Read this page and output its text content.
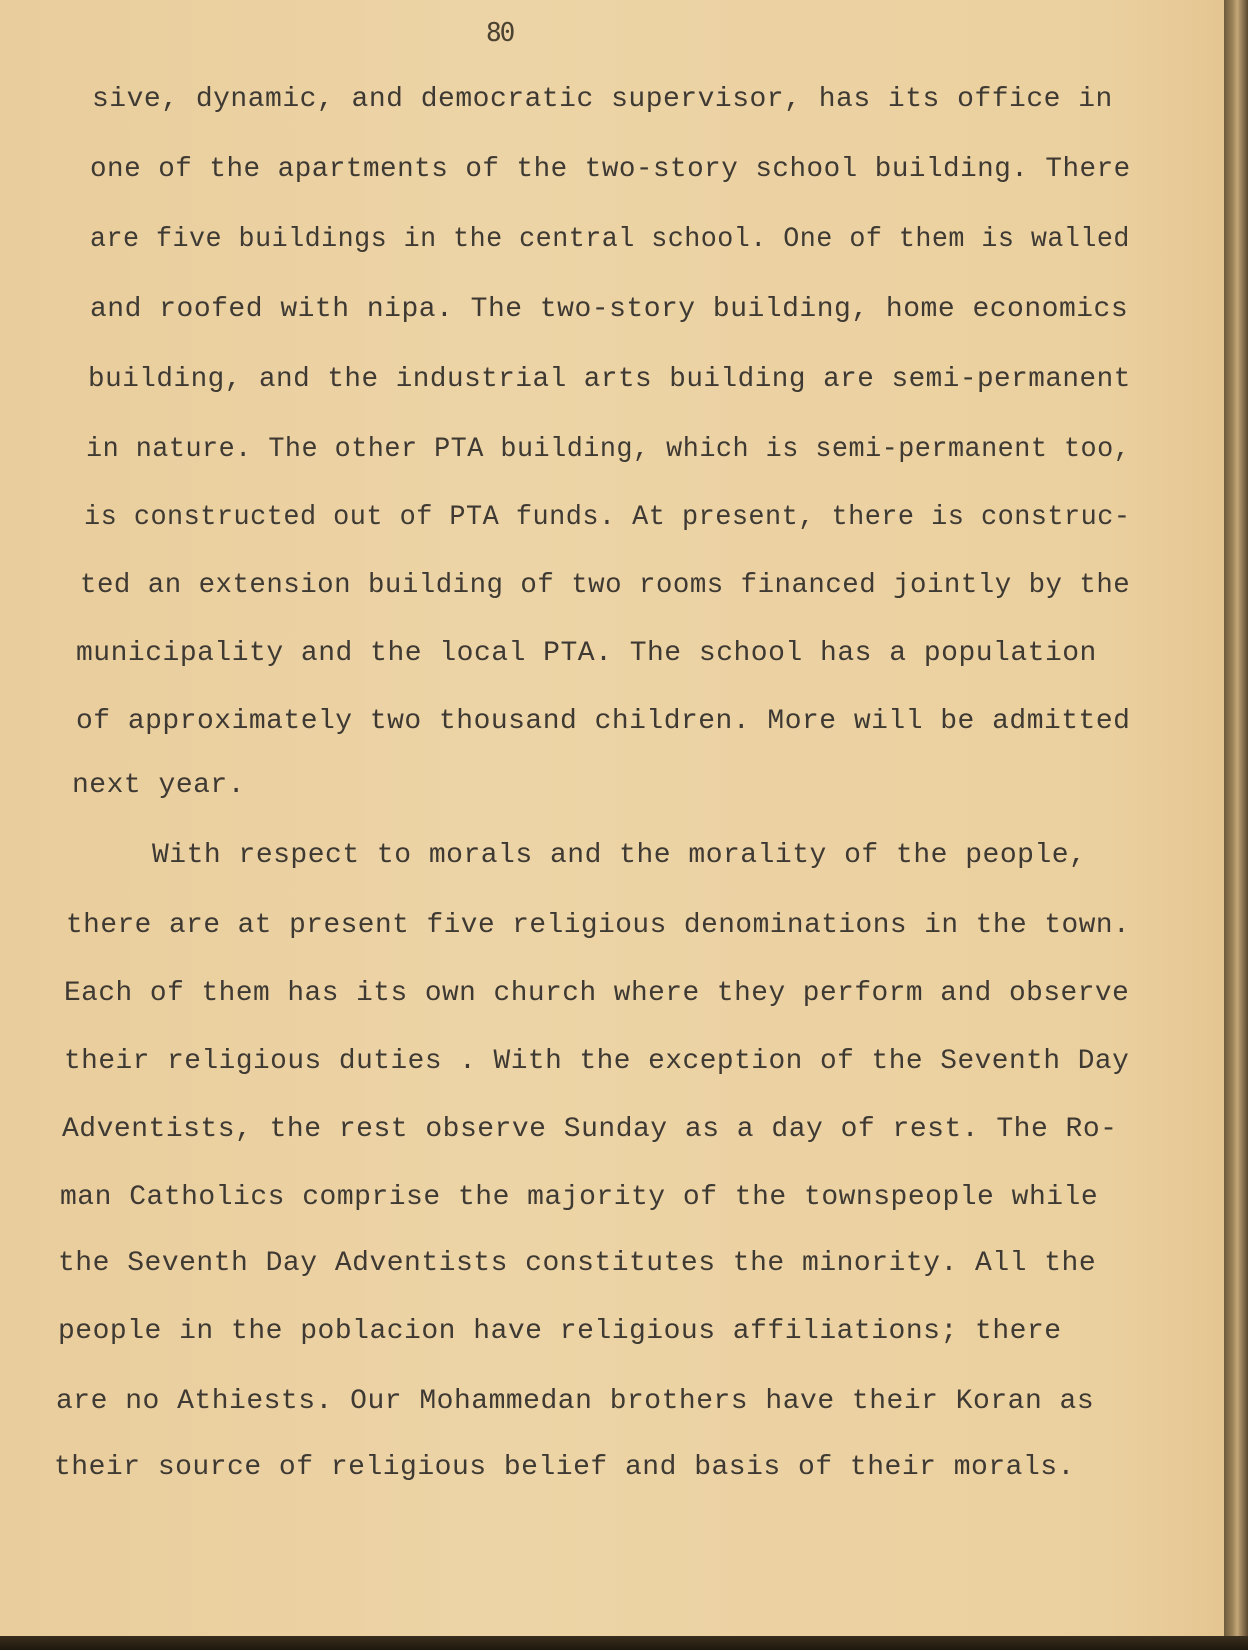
80

sive, dynamic, and democratic supervisor, has its office in

one of the apartments of the two-story school building. There

are five buildings in the central school. One of them is walled

and roofed with nipa. The two-story building, home economics

building, and the industrial arts building are semi-permanent

in nature. The other PTA building, which is semi-permanent too,

is constructed out of PTA funds. At present, there is construc-

ted an extension building of two rooms financed jointly by the

municipality and the local PTA. The school has a population

of approximately two thousand children. More will be admitted

next year.

With respect to morals and the morality of the people,

there are at present five religious denominations in the town.

Each of them has its own church where they perform and observe

their religious duties . With the exception of the Seventh Day

Adventists, the rest observe Sunday as a day of rest. The Ro-

man Catholics comprise the majority of the townspeople while

the Seventh Day Adventists constitutes the minority. All the

people in the poblacion have religious affiliations; there

are no Athiests. Our Mohammedan brothers have their Koran as

their source of religious belief and basis of their morals.
